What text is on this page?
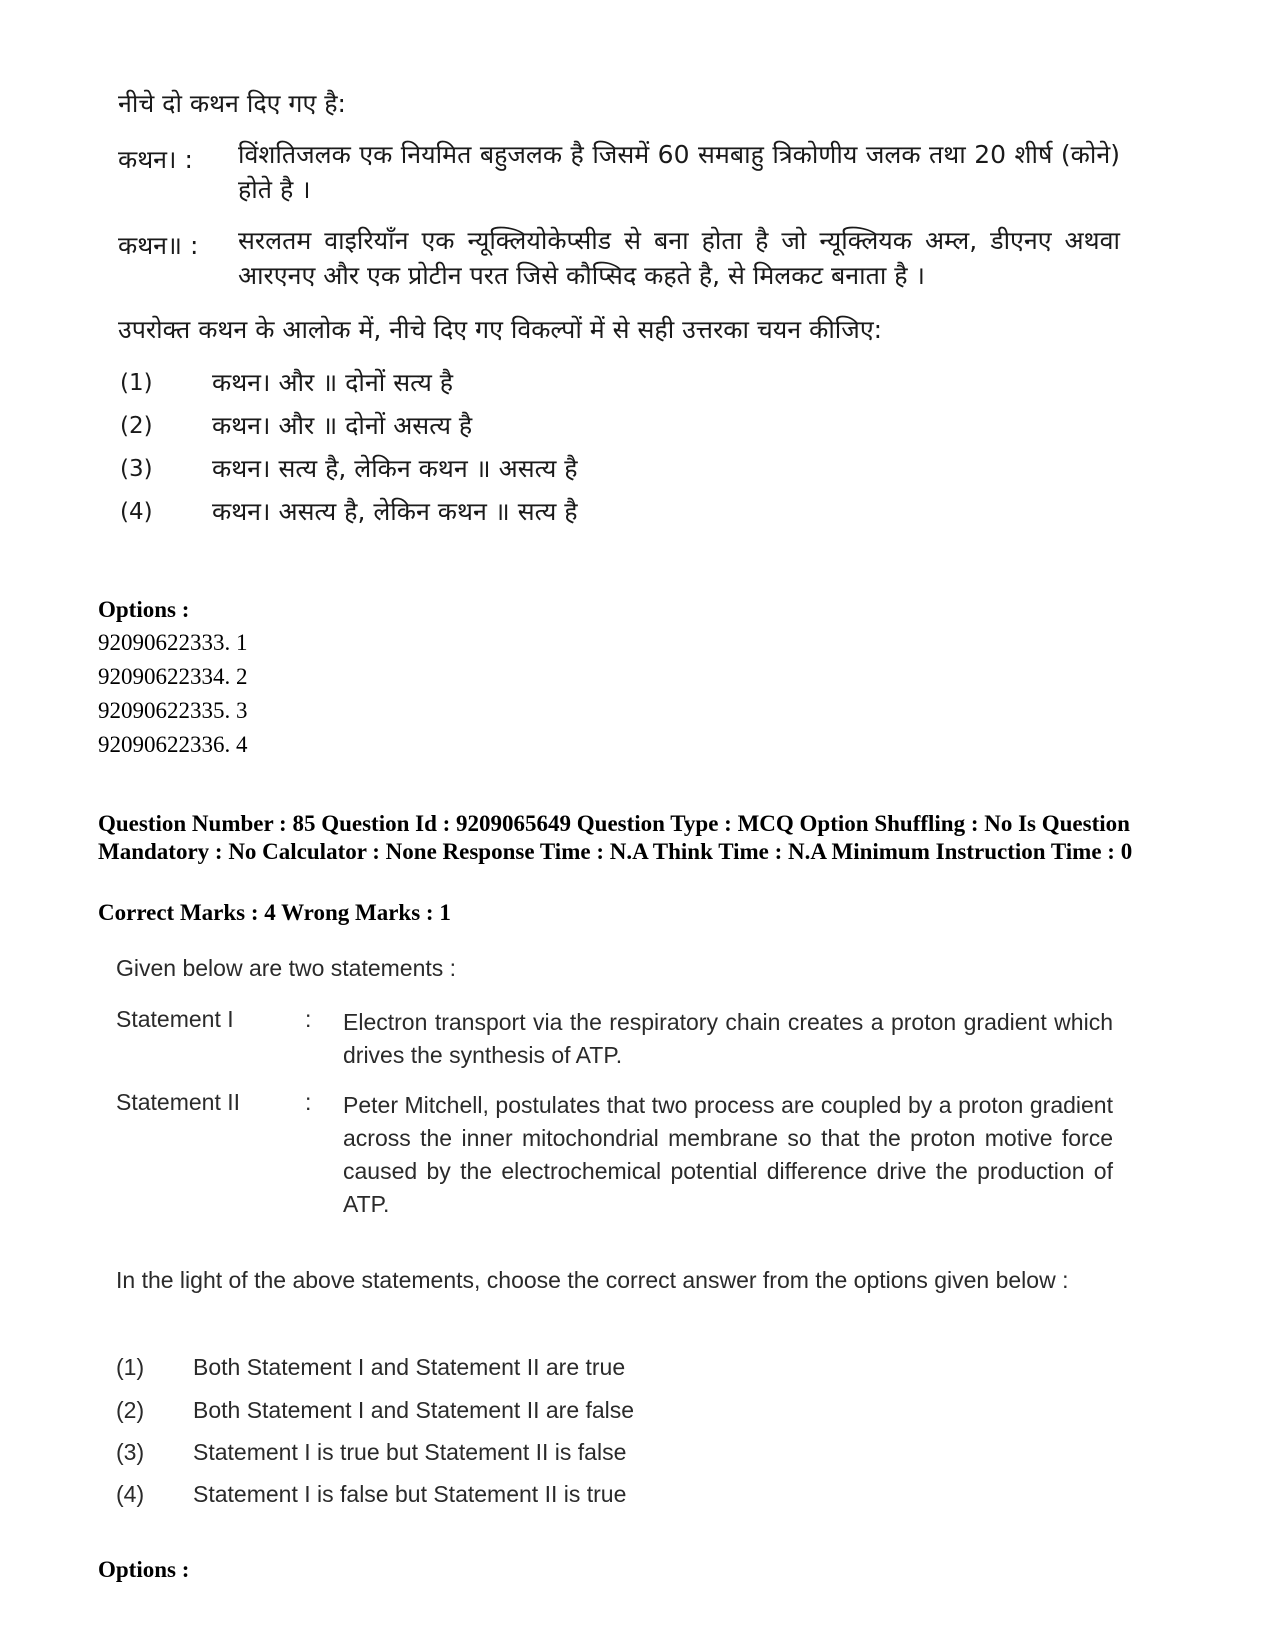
नीचे दो कथन दिए गए है:
कथन। : विंशतिजलक एक नियमित बहुजलक है जिसमें 60 समबाहु त्रिकोणीय जलक तथा 20 शीर्ष (कोने) होते है ।
कथन॥ : सरलतम वाइरियाँन एक न्यूक्लियोकेप्सीड से बना होता है जो न्यूक्लियक अम्ल, डीएनए अथवा आरएनए और एक प्रोटीन परत जिसे कौप्सिद कहते है, से मिलकट बनाता है ।
उपरोक्त कथन के आलोक में, नीचे दिए गए विकल्पों में से सही उत्तरका चयन कीजिए:
(1) कथन। और ॥ दोनों सत्य है
(2) कथन। और ॥ दोनों असत्य है
(3) कथन। सत्य है, लेकिन कथन ॥ असत्य है
(4) कथन। असत्य है, लेकिन कथन ॥ सत्य है
Options :
92090622333. 1
92090622334. 2
92090622335. 3
92090622336. 4
Question Number : 85 Question Id : 9209065649 Question Type : MCQ Option Shuffling : No Is Question Mandatory : No Calculator : None Response Time : N.A Think Time : N.A Minimum Instruction Time : 0
Correct Marks : 4 Wrong Marks : 1
Given below are two statements :
Statement I	: Electron transport via the respiratory chain creates a proton gradient which drives the synthesis of ATP.
Statement II	: Peter Mitchell, postulates that two process are coupled by a proton gradient across the inner mitochondrial membrane so that the proton motive force caused by the electrochemical potential difference drive the production of ATP.
In the light of the above statements, choose the correct answer from the options given below :
(1) Both Statement I and Statement II are true
(2) Both Statement I and Statement II are false
(3) Statement I is true but Statement II is false
(4) Statement I is false but Statement II is true
Options :
